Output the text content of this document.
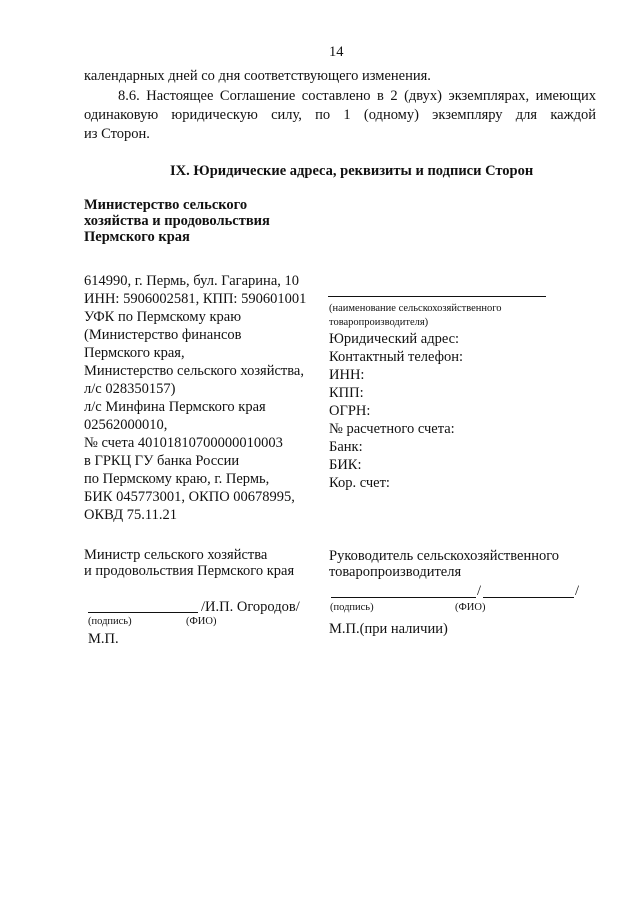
14
календарных дней со дня соответствующего изменения.
8.6. Настоящее Соглашение составлено в 2 (двух) экземплярах, имеющих
одинаковую юридическую силу, по 1 (одному) экземпляру для каждой
из Сторон.
IX. Юридические адреса, реквизиты и подписи Сторон
Министерство сельского
хозяйства и продовольствия
Пермского края
614990, г. Пермь, бул. Гагарина, 10
ИНН: 5906002581, КПП: 590601001
УФК по Пермскому краю
(Министерство финансов
Пермского края,
Министерство сельского хозяйства,
л/с 028350157)
л/с Минфина Пермского края
02562000010,
№ счета 40101810700000010003
в ГРКЦ ГУ банка России
по Пермскому краю, г. Пермь,
БИК 045773001, ОКПО 00678995,
ОКВД 75.11.21
Министр сельского хозяйства
и продовольствия Пермского края
/И.П. Огородов/
(подпись)	(ФИО)
М.П.
(наименование сельскохозяйственного
товаропроизводителя)
Юридический адрес:
Контактный телефон:
ИНН:
КПП:
ОГРН:
№ расчетного счета:
Банк:
БИК:
Кор. счет:
Руководитель сельскохозяйственного
товаропроизводителя
/	/
(подпись)	(ФИО)
М.П.(при наличии)
